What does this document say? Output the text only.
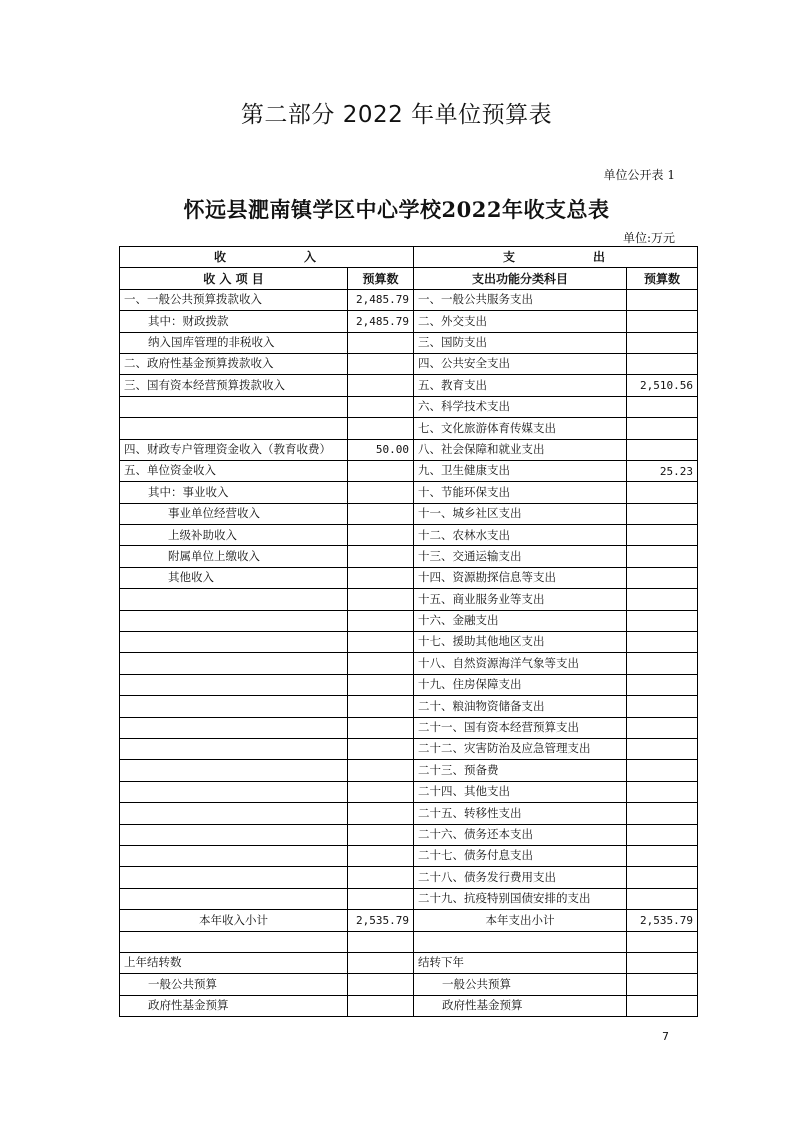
第二部分 2022 年单位预算表
单位公开表 1
怀远县淝南镇学区中心学校2022年收支总表
单位:万元
收　　　　　入		支　　　　　出	
收 入 项 目	预算数	支出功能分类科目	预算数
一、一般公共预算拨款收入	2,485.79	一、一般公共服务支出	
其中：财政拨款	2,485.79	二、外交支出	
纳入国库管理的非税收入		三、国防支出	
二、政府性基金预算拨款收入		四、公共安全支出	
三、国有资本经营预算拨款收入		五、教育支出	2,510.56
		六、科学技术支出	
		七、文化旅游体育传媒支出	
四、财政专户管理资金收入（教育收费）	50.00	八、社会保障和就业支出	
五、单位资金收入		九、卫生健康支出	25.23
其中：事业收入		十、节能环保支出	
事业单位经营收入		十一、城乡社区支出	
上级补助收入		十二、农林水支出	
附属单位上缴收入		十三、交通运输支出	
其他收入		十四、资源勘探信息等支出	
		十五、商业服务业等支出	
		十六、金融支出	
		十七、援助其他地区支出	
		十八、自然资源海洋气象等支出	
		十九、住房保障支出	
		二十、粮油物资储备支出	
		二十一、国有资本经营预算支出	
		二十二、灾害防治及应急管理支出	
		二十三、预备费	
		二十四、其他支出	
		二十五、转移性支出	
		二十六、债务还本支出	
		二十七、债务付息支出	
		二十八、债务发行费用支出	
		二十九、抗疫特别国债安排的支出	
本年收入小计	2,535.79	本年支出小计	2,535.79

上年结转数		结转下年	
一般公共预算		一般公共预算	
政府性基金预算		政府性基金预算	
7
